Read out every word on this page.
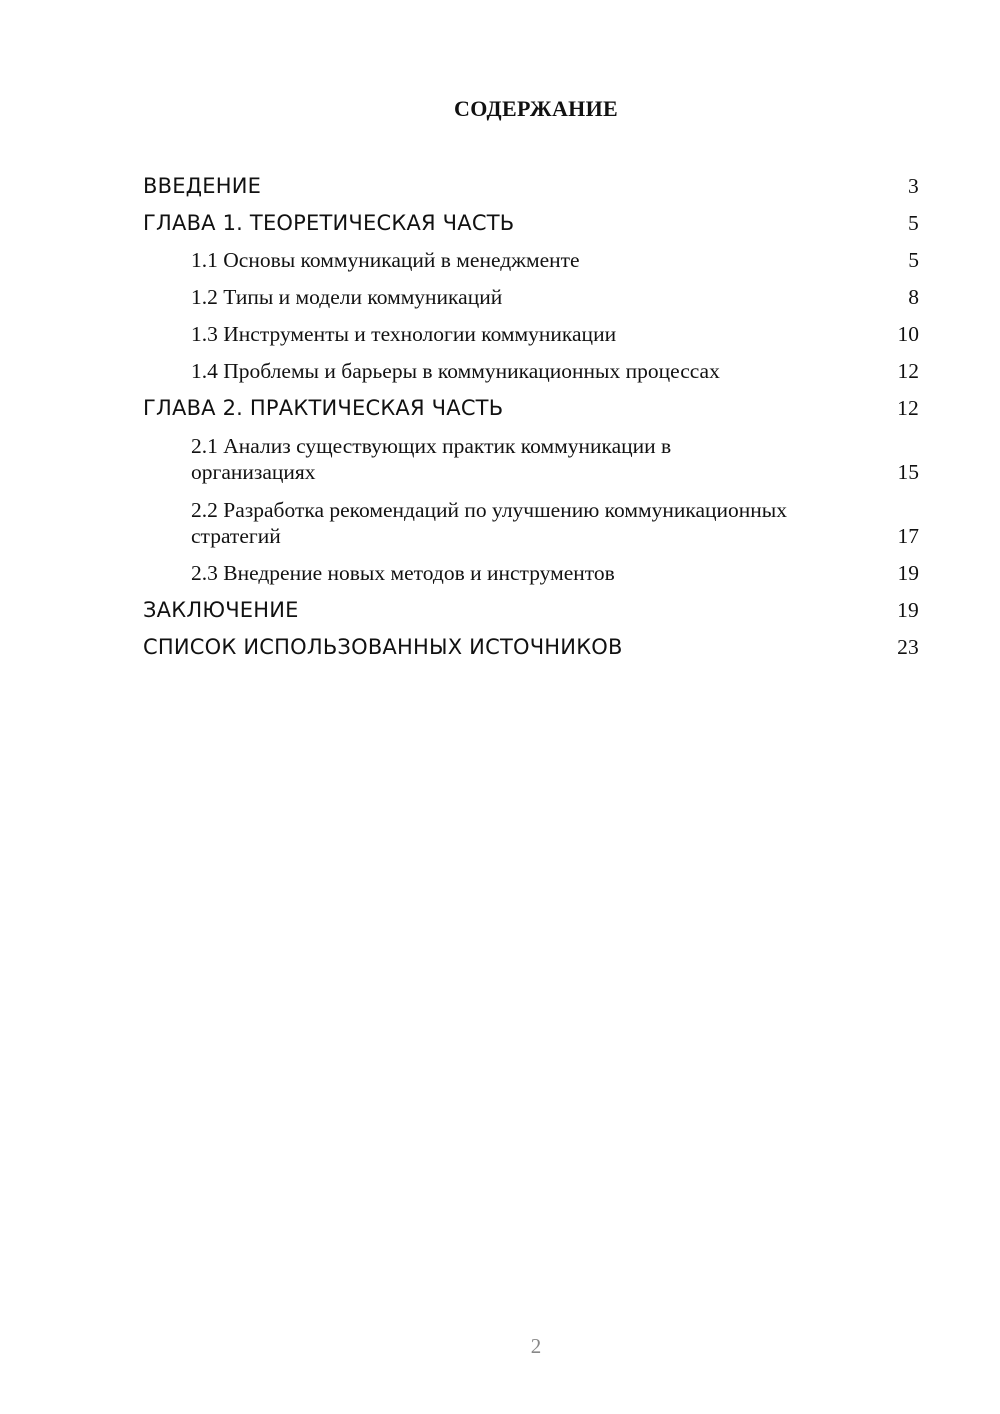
СОДЕРЖАНИЕ
ВВЕДЕНИЕ	3
ГЛАВА 1. ТЕОРЕТИЧЕСКАЯ ЧАСТЬ	5
1.1 Основы коммуникаций в менеджменте	5
1.2 Типы и модели коммуникаций	8
1.3 Инструменты и технологии коммуникации	10
1.4 Проблемы и барьеры в коммуникационных процессах	12
ГЛАВА 2. ПРАКТИЧЕСКАЯ ЧАСТЬ	12
2.1 Анализ существующих практик коммуникации в организациях	15
2.2 Разработка рекомендаций по улучшению коммуникационных стратегий	17
2.3 Внедрение новых методов и инструментов	19
ЗАКЛЮЧЕНИЕ	19
СПИСОК ИСПОЛЬЗОВАННЫХ ИСТОЧНИКОВ	23
2
